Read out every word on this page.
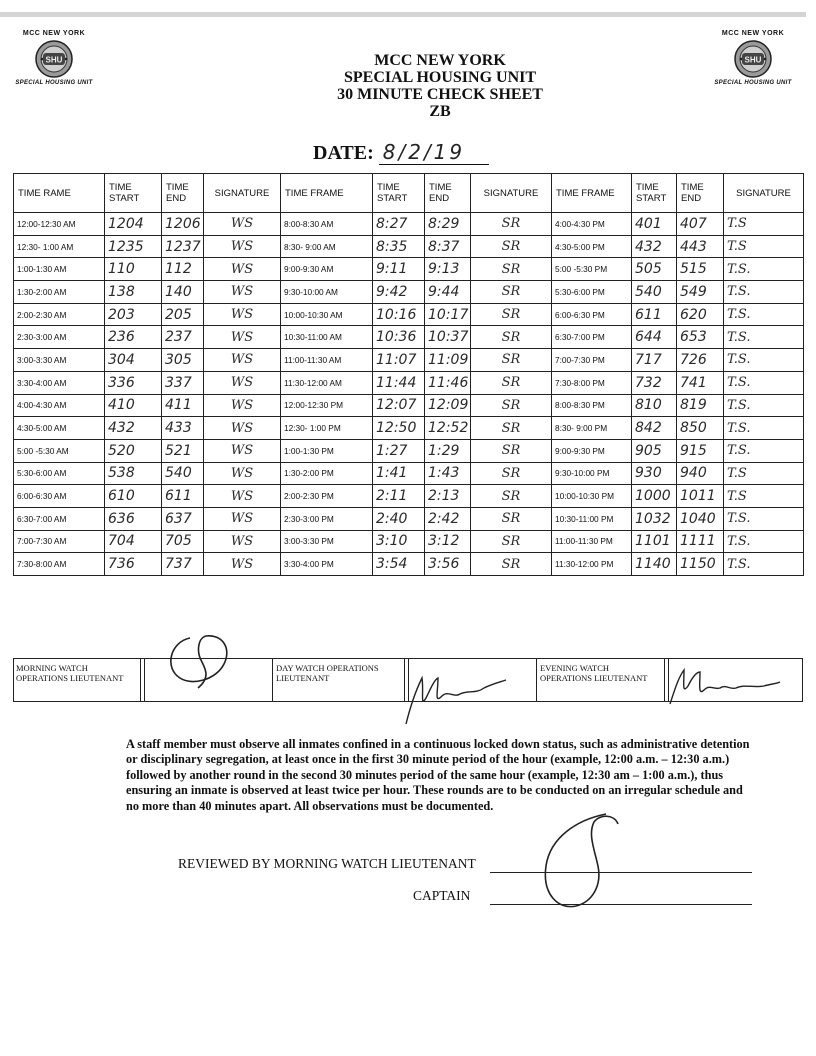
MCC NEW YORK
SHU
SPECIAL HOUSING UNIT
MCC NEW YORK
SHU
SPECIAL HOUSING UNIT
MCC NEW YORK
SPECIAL HOUSING UNIT
30 MINUTE CHECK SHEET
ZB
DATE: 8/2/19
TIME RAME	TIME START	TIME END	SIGNATURE	TIME FRAME	TIME START	TIME END	SIGNATURE	TIME FRAME	TIME START	TIME END	SIGNATURE
12:00-12:30 AM	1204	1206	WS	8:00-8:30 AM	8:27	8:29	SR	4:00-4:30 PM	401	407	T.S
12:30- 1:00 AM	1235	1237	WS	8:30- 9:00 AM	8:35	8:37	SR	4:30-5:00 PM	432	443	T.S
1:00-1:30 AM	110	112	WS	9:00-9:30 AM	9:11	9:13	SR	5:00 -5:30 PM	505	515	T.S.
1:30-2:00 AM	138	140	WS	9:30-10:00 AM	9:42	9:44	SR	5:30-6:00 PM	540	549	T.S.
2:00-2:30 AM	203	205	WS	10:00-10:30 AM	10:16	10:17	SR	6:00-6:30 PM	611	620	T.S.
2:30-3:00 AM	236	237	WS	10:30-11:00 AM	10:36	10:37	SR	6:30-7:00 PM	644	653	T.S.
3:00-3:30 AM	304	305	WS	11:00-11:30 AM	11:07	11:09	SR	7:00-7:30 PM	717	726	T.S.
3:30-4:00 AM	336	337	WS	11:30-12:00 AM	11:44	11:46	SR	7:30-8:00 PM	732	741	T.S.
4:00-4:30 AM	410	411	WS	12:00-12:30 PM	12:07	12:09	SR	8:00-8:30 PM	810	819	T.S.
4:30-5:00 AM	432	433	WS	12:30- 1:00 PM	12:50	12:52	SR	8:30- 9:00 PM	842	850	T.S.
5:00 -5:30 AM	520	521	WS	1:00-1:30 PM	1:27	1:29	SR	9:00-9:30 PM	905	915	T.S.
5:30-6:00 AM	538	540	WS	1:30-2:00 PM	1:41	1:43	SR	9:30-10:00 PM	930	940	T.S
6:00-6:30 AM	610	611	WS	2:00-2:30 PM	2:11	2:13	SR	10:00-10:30 PM	1000	1011	T.S
6:30-7:00 AM	636	637	WS	2:30-3:00 PM	2:40	2:42	SR	10:30-11:00 PM	1032	1040	T.S.
7:00-7:30 AM	704	705	WS	3:00-3:30 PM	3:10	3:12	SR	11:00-11:30 PM	1101	1111	T.S.
7:30-8:00 AM	736	737	WS	3:30-4:00 PM	3:54	3:56	SR	11:30-12:00 PM	1140	1150	T.S.
MORNING WATCH OPERATIONS LIEUTENANT
DAY WATCH OPERATIONS LIEUTENANT
EVENING WATCH OPERATIONS LIEUTENANT
A staff member must observe all inmates confined in a continuous locked down status, such as administrative detention or disciplinary segregation, at least once in the first 30 minute period of the hour (example, 12:00 a.m. – 12:30 a.m.) followed by another round in the second 30 minutes period of the same hour (example, 12:30 am – 1:00 a.m.), thus ensuring an inmate is observed at least twice per hour. These rounds are to be conducted on an irregular schedule and no more than 40 minutes apart. All observations must be documented.
REVIEWED BY MORNING WATCH LIEUTENANT
CAPTAIN
